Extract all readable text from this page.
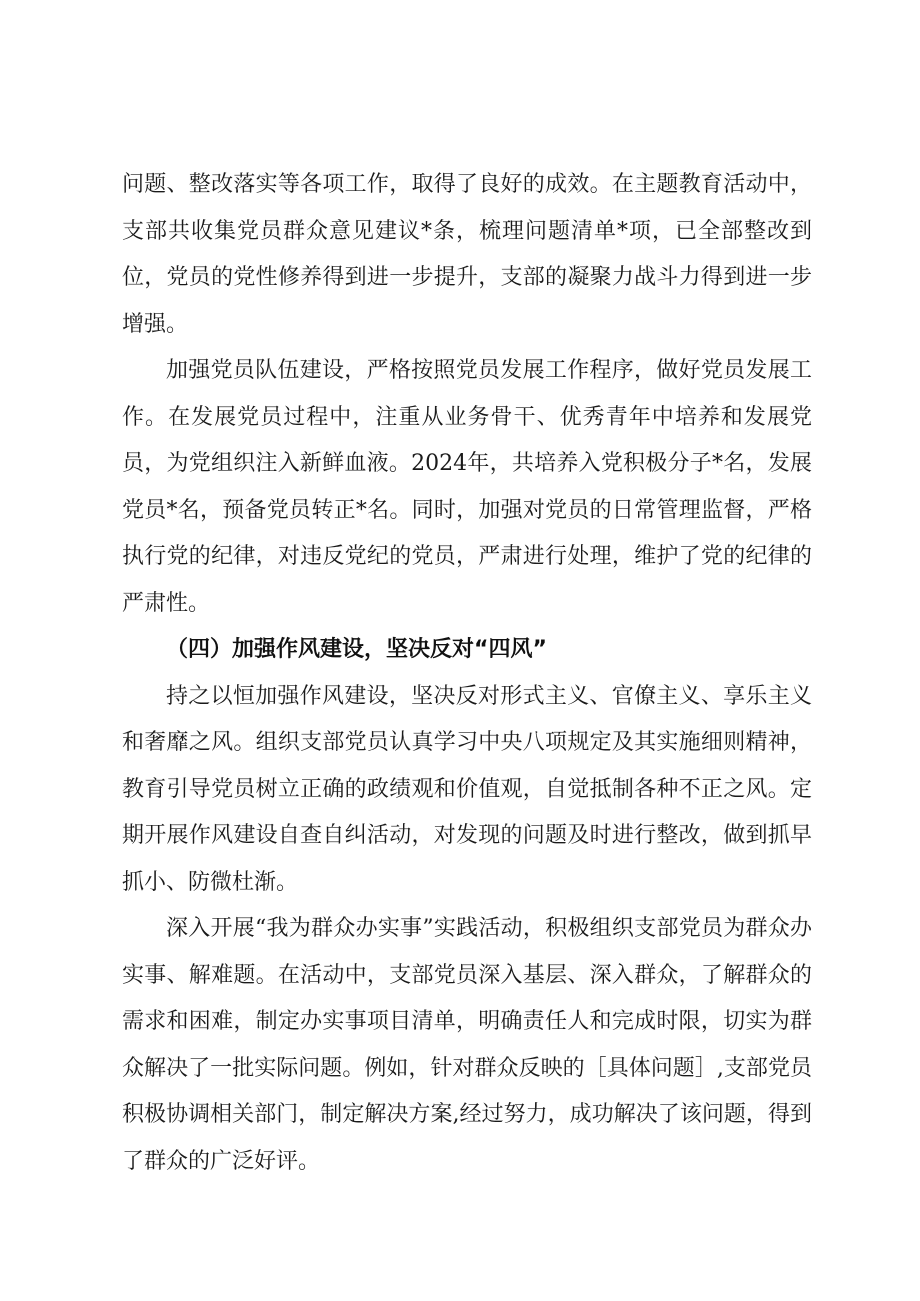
问题、整改落实等各项工作，取得了良好的成效。在主题教育活动中，支部共收集党员群众意见建议*条，梳理问题清单*项，已全部整改到位，党员的党性修养得到进一步提升，支部的凝聚力战斗力得到进一步增强。

加强党员队伍建设，严格按照党员发展工作程序，做好党员发展工作。在发展党员过程中，注重从业务骨干、优秀青年中培养和发展党员，为党组织注入新鲜血液。2024年，共培养入党积极分子*名，发展党员*名，预备党员转正*名。同时，加强对党员的日常管理监督，严格执行党的纪律，对违反党纪的党员，严肃进行处理，维护了党的纪律的严肃性。

（四）加强作风建设，坚决反对“四风”

持之以恒加强作风建设，坚决反对形式主义、官僚主义、享乐主义和奢靡之风。组织支部党员认真学习中央八项规定及其实施细则精神，教育引导党员树立正确的政绩观和价值观，自觉抵制各种不正之风。定期开展作风建设自查自纠活动，对发现的问题及时进行整改，做到抓早抓小、防微杜渐。

深入开展“我为群众办实事”实践活动，积极组织支部党员为群众办实事、解难题。在活动中，支部党员深入基层、深入群众，了解群众的需求和困难，制定办实事项目清单，明确责任人和完成时限，切实为群众解决了一批实际问题。例如，针对群众反映的［具体问题］,支部党员积极协调相关部门，制定解决方案,经过努力，成功解决了该问题，得到了群众的广泛好评。
